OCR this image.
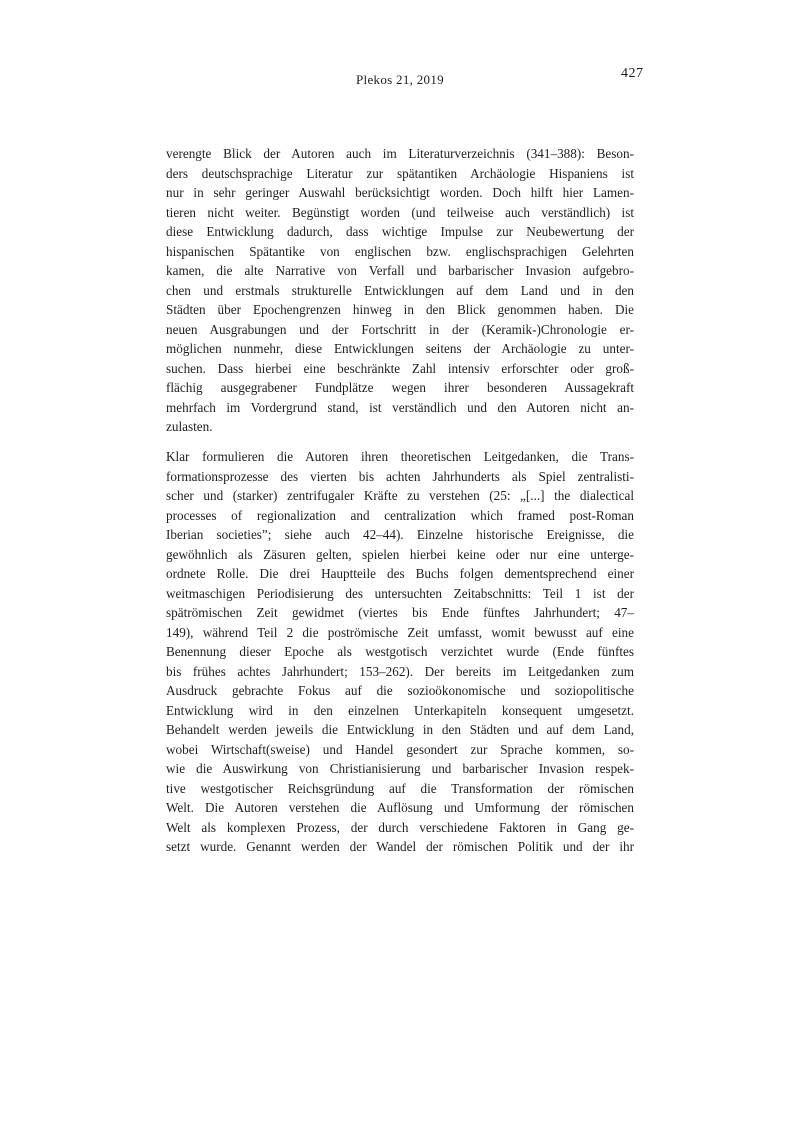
Plekos 21, 2019	427
verengte Blick der Autoren auch im Literaturverzeichnis (341–388): Beson-
ders deutschsprachige Literatur zur spätantiken Archäologie Hispaniens ist
nur in sehr geringer Auswahl berücksichtigt worden. Doch hilft hier Lamen-
tieren nicht weiter. Begünstigt worden (und teilweise auch verständlich) ist
diese Entwicklung dadurch, dass wichtige Impulse zur Neubewertung der
hispanischen Spätantike von englischen bzw. englischsprachigen Gelehrten
kamen, die alte Narrative von Verfall und barbarischer Invasion aufgebro-
chen und erstmals strukturelle Entwicklungen auf dem Land und in den
Städten über Epochengrenzen hinweg in den Blick genommen haben. Die
neuen Ausgrabungen und der Fortschritt in der (Keramik-)Chronologie er-
möglichen nunmehr, diese Entwicklungen seitens der Archäologie zu unter-
suchen. Dass hierbei eine beschränkte Zahl intensiv erforschter oder groß-
flächig ausgegrabener Fundplätze wegen ihrer besonderen Aussagekraft
mehrfach im Vordergrund stand, ist verständlich und den Autoren nicht an-
zulasten.
Klar formulieren die Autoren ihren theoretischen Leitgedanken, die Trans-
formationsprozesse des vierten bis achten Jahrhunderts als Spiel zentralisti-
scher und (starker) zentrifugaler Kräfte zu verstehen (25: „[...] the dialectical
processes of regionalization and centralization which framed post-Roman
Iberian societies”; siehe auch 42–44). Einzelne historische Ereignisse, die
gewöhnlich als Zäsuren gelten, spielen hierbei keine oder nur eine unterge-
ordnete Rolle. Die drei Hauptteile des Buchs folgen dementsprechend einer
weitmaschigen Periodisierung des untersuchten Zeitabschnitts: Teil 1 ist der
spätrömischen Zeit gewidmet (viertes bis Ende fünftes Jahrhundert; 47–
149), während Teil 2 die poströmische Zeit umfasst, womit bewusst auf eine
Benennung dieser Epoche als westgotisch verzichtet wurde (Ende fünftes
bis frühes achtes Jahrhundert; 153–262). Der bereits im Leitgedanken zum
Ausdruck gebrachte Fokus auf die sozioökonomische und soziopolitische
Entwicklung wird in den einzelnen Unterkapiteln konsequent umgesetzt.
Behandelt werden jeweils die Entwicklung in den Städten und auf dem Land,
wobei Wirtschaft(sweise) und Handel gesondert zur Sprache kommen, so-
wie die Auswirkung von Christianisierung und barbarischer Invasion respek-
tive westgotischer Reichsgründung auf die Transformation der römischen
Welt. Die Autoren verstehen die Auflösung und Umformung der römischen
Welt als komplexen Prozess, der durch verschiedene Faktoren in Gang ge-
setzt wurde. Genannt werden der Wandel der römischen Politik und der ihr
